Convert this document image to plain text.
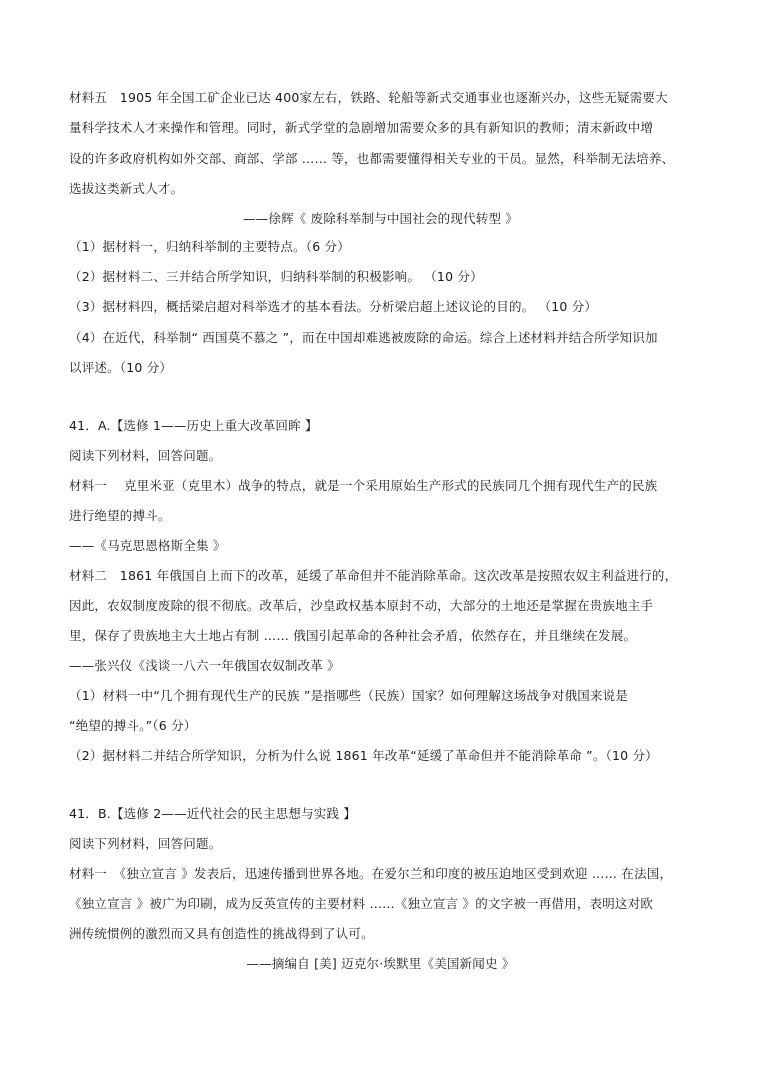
材料五　1905 年全国工矿企业已达 400家左右，铁路、轮船等新式交通事业也逐渐兴办，这些无疑需要大
量科学技术人才来操作和管理。同时，新式学堂的急剧增加需要众多的具有新知识的教师；清末新政中增
设的许多政府机构如外交部、商部、学部 …… 等，也都需要懂得相关专业的干员。显然，科举制无法培养、
选拔这类新式人才。
——徐辉《 废除科举制与中国社会的现代转型 》
（1）据材料一，归纳科举制的主要特点。（6 分）
（2）据材料二、三并结合所学知识，归纳科举制的积极影响。 （10 分）
（3）据材料四，概括梁启超对科举选才的基本看法。分析梁启超上述议论的目的。 （10 分）
（4）在近代，科举制“ 西国莫不慕之 ”，而在中国却难逃被废除的命运。综合上述材料并结合所学知识加
以评述。（10 分）
41．A.【选修 1——历史上重大改革回眸 】
阅读下列材料，回答问题。
材料一　 克里米亚（克里木）战争的特点，就是一个采用原始生产形式的民族同几个拥有现代生产的民族
进行绝望的搏斗。
——《马克思恩格斯全集 》
材料二　1861 年俄国自上而下的改革，延缓了革命但并不能消除革命。这次改革是按照农奴主利益进行的，
因此，农奴制度废除的很不彻底。改革后，沙皇政权基本原封不动，大部分的土地还是掌握在贵族地主手
里，保存了贵族地主大土地占有制 …… 俄国引起革命的各种社会矛盾，依然存在，并且继续在发展。
——张兴仪《浅谈一八六一年俄国农奴制改革 》
（1）材料一中“几个拥有现代生产的民族 ”是指哪些（民族）国家？如何理解这场战争对俄国来说是
“绝望的搏斗。”（6 分）
（2）据材料二并结合所学知识，分析为什么说 1861 年改革“延缓了革命但并不能消除革命 ”。（10 分）
41．B.【选修 2——近代社会的民主思想与实践 】
阅读下列材料，回答问题。
材料一　《独立宣言 》发表后，迅速传播到世界各地。在爱尔兰和印度的被压迫地区受到欢迎 …… 在法国，
《独立宣言 》被广为印刷，成为反英宣传的主要材料 ……《独立宣言 》的文字被一再借用，表明这对欧
洲传统惯例的激烈而又具有创造性的挑战得到了认可。
——摘编自 [美] 迈克尔·埃默里《美国新闻史 》
